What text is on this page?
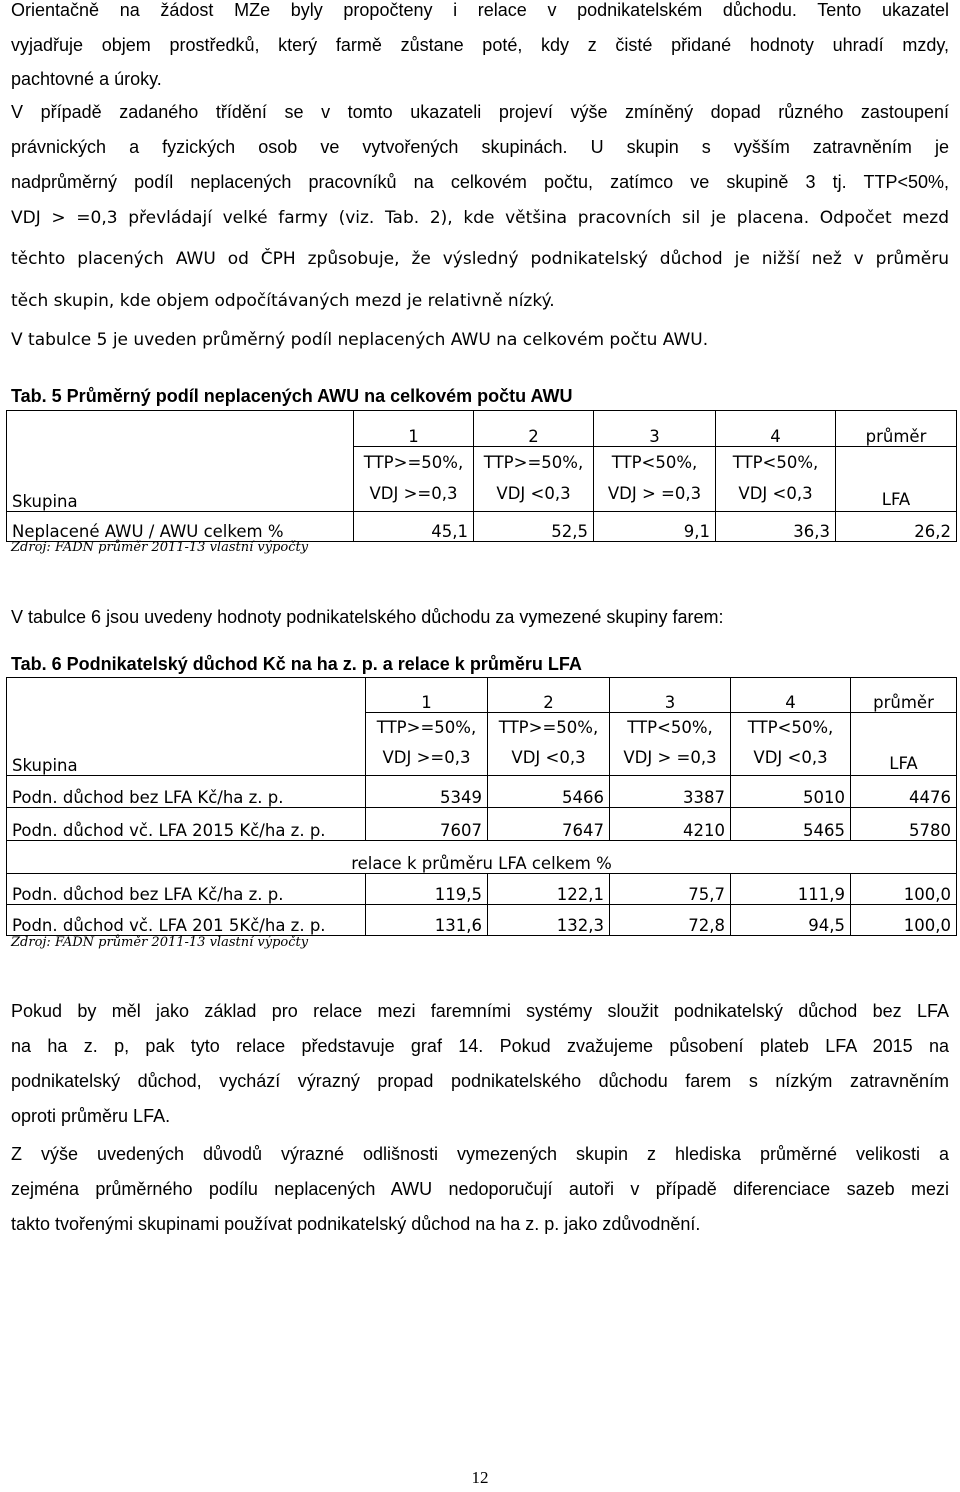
Orientačně na žádost MZe byly propočteny i relace v podnikatelském důchodu. Tento ukazatel
vyjadřuje objem prostředků, který farmě zůstane poté, kdy z čisté přidané hodnoty uhradí mzdy,
pachtovné a úroky.
V případě zadaného třídění se v tomto ukazateli projeví výše zmíněný dopad různého zastoupení
právnických a fyzických osob ve vytvořených skupinách. U skupin s vyšším zatravněním je
nadprůměrný podíl neplacených pracovníků na celkovém počtu, zatímco ve skupině 3 tj. TTP<50%,
VDJ > =0,3 převládají velké farmy (viz. Tab. 2), kde většina pracovních sil je placena. Odpočet mezd
těchto placených AWU od ČPH způsobuje, že výsledný podnikatelský důchod je nižší než v průměru
těch skupin, kde objem odpočítávaných mezd je relativně nízký.
V tabulce 5 je uveden průměrný podíl neplacených AWU na celkovém počtu AWU.

Tab. 5 Průměrný podíl neplacených AWU na celkovém počtu AWU

Skupina	1	2	3	4	průměr
	TTP>=50%,
VDJ >=0,3	TTP>=50%,
VDJ <0,3	TTP<50%,
VDJ > =0,3	TTP<50%,
VDJ <0,3	LFA
Neplacené AWU / AWU celkem %	45,1	52,5	9,1	36,3	26,2

Zdroj: FADN průměr 2011-13 vlastní výpočty

V tabulce 6 jsou uvedeny hodnoty podnikatelského důchodu za vymezené skupiny farem:

Tab. 6 Podnikatelský důchod Kč na ha z. p. a relace k průměru LFA

Skupina	1	2	3	4	průměr
	TTP>=50%,
VDJ >=0,3	TTP>=50%,
VDJ <0,3	TTP<50%,
VDJ > =0,3	TTP<50%,
VDJ <0,3	LFA
Podn. důchod bez LFA Kč/ha z. p.	5349	5466	3387	5010	4476
Podn. důchod vč. LFA 2015 Kč/ha z. p.	7607	7647	4210	5465	5780
relace k průměru LFA celkem %					
Podn. důchod bez LFA Kč/ha z. p.	119,5	122,1	75,7	111,9	100,0
Podn. důchod vč. LFA 201 5Kč/ha z. p.	131,6	132,3	72,8	94,5	100,0

Zdroj: FADN průměr 2011-13 vlastní výpočty

Pokud by měl jako základ pro relace mezi faremními systémy sloužit podnikatelský důchod bez LFA
na ha z. p, pak tyto relace představuje graf 14. Pokud zvažujeme působení plateb LFA 2015 na
podnikatelský důchod, vychází výrazný propad podnikatelského důchodu farem s nízkým zatravněním
oproti průměru LFA.
Z výše uvedených důvodů výrazné odlišnosti vymezených skupin z hlediska průměrné velikosti a
zejména průměrného podílu neplacených AWU nedoporučují autoři v případě diferenciace sazeb mezi
takto tvořenými skupinami používat podnikatelský důchod na ha z. p. jako zdůvodnění.
12
